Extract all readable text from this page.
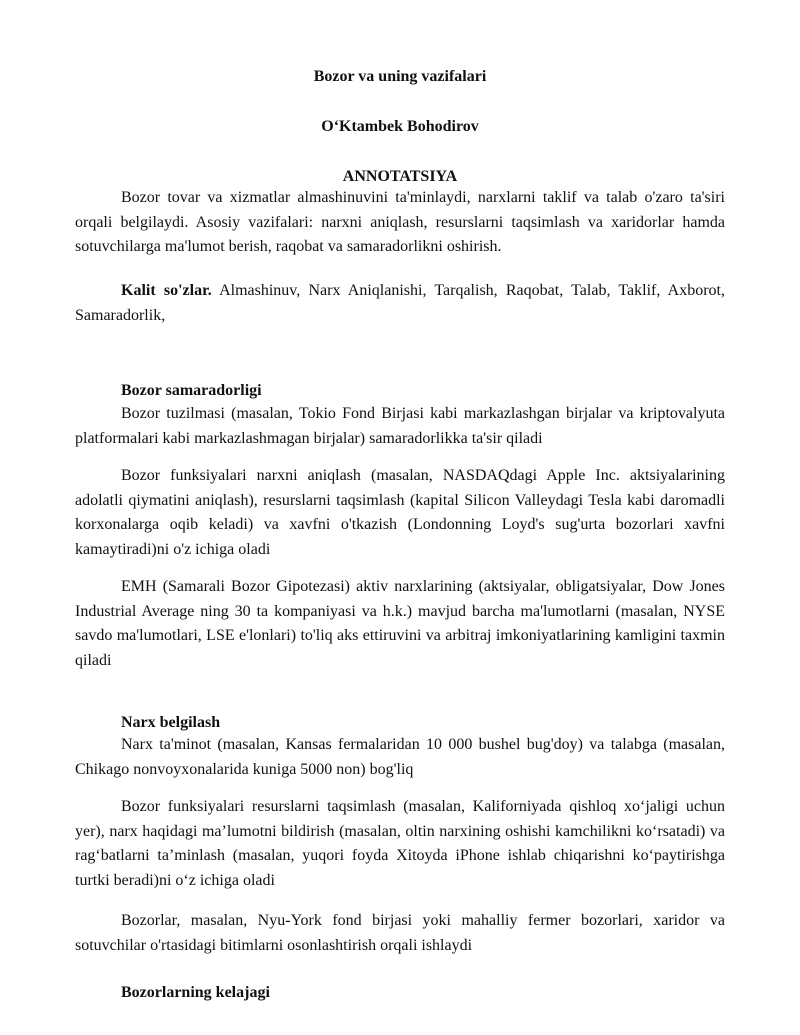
Bozor va uning vazifalari
O‘Ktambek Bohodirov
ANNOTATSIYA

Bozor tovar va xizmatlar almashinuvini ta'minlaydi, narxlarni taklif va talab o'zaro ta'siri orqali belgilaydi. Asosiy vazifalari: narxni aniqlash, resurslarni taqsimlash va xaridorlar hamda sotuvchilarga ma'lumot berish, raqobat va samaradorlikni oshirish.

Kalit so'zlar. Almashinuv, Narx Aniqlanishi, Tarqalish, Raqobat, Talab, Taklif, Axborot, Samaradorlik,

Bozor samaradorligi

Bozor tuzilmasi (masalan, Tokio Fond Birjasi kabi markazlashgan birjalar va kriptovalyuta platformalari kabi markazlashmagan birjalar) samaradorlikka ta'sir qiladi

Bozor funksiyalari narxni aniqlash (masalan, NASDAQdagi Apple Inc. aktsiyalarining adolatli qiymatini aniqlash), resurslarni taqsimlash (kapital Silicon Valleydagi Tesla kabi daromadli korxonalarga oqib keladi) va xavfni o'tkazish (Londonning Loyd's sug'urta bozorlari xavfni kamaytiradi)ni o'z ichiga oladi

EMH (Samarali Bozor Gipotezasi) aktiv narxlarining (aktsiyalar, obligatsiyalar, Dow Jones Industrial Average ning 30 ta kompaniyasi va h.k.) mavjud barcha ma'lumotlarni (masalan, NYSE savdo ma'lumotlari, LSE e'lonlari) to'liq aks ettiruvini va arbitraj imkoniyatlarining kamligini taxmin qiladi

Narx belgilash

Narx ta'minot (masalan, Kansas fermalaridan 10 000 bushel bug'doy) va talabga (masalan, Chikago nonvoyxonalarida kuniga 5000 non) bog'liq

Bozor funksiyalari resurslarni taqsimlash (masalan, Kaliforniyada qishloq xo‘jaligi uchun yer), narx haqidagi ma’lumotni bildirish (masalan, oltin narxining oshishi kamchilikni ko‘rsatadi) va rag‘batlarni ta’minlash (masalan, yuqori foyda Xitoyda iPhone ishlab chiqarishni ko‘paytirishga turtki beradi)ni o‘z ichiga oladi

Bozorlar, masalan, Nyu-York fond birjasi yoki mahalliy fermer bozorlari, xaridor va sotuvchilar o'rtasidagi bitimlarni osonlashtirish orqali ishlaydi

Bozorlarning kelajagi
